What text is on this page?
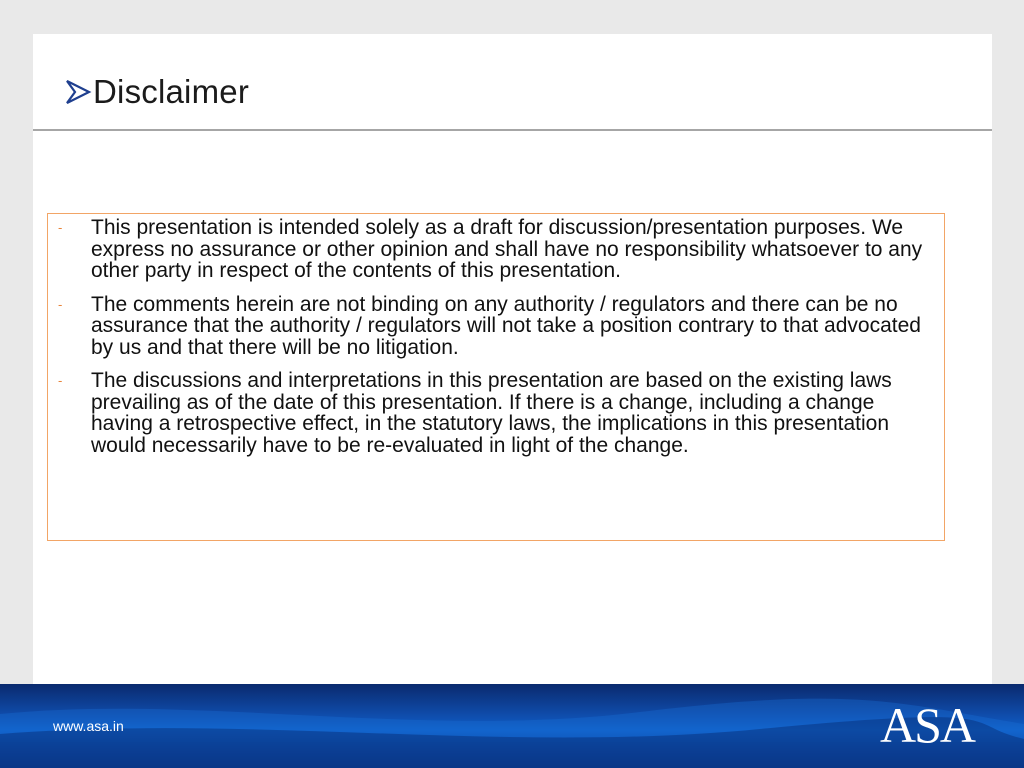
Disclaimer
- This presentation is intended solely as a draft for discussion/presentation purposes. We express no assurance or other opinion and shall have no responsibility whatsoever to any other party in respect of the contents of this presentation.
- The comments herein are not binding on any authority / regulators and there can be no assurance that the authority / regulators will not take a position contrary to that advocated by us and that there will be no litigation.
- The discussions and interpretations in this presentation are based on the existing laws prevailing as of the date of this presentation. If there is a change, including a change having a retrospective effect, in the statutory laws, the implications in this presentation would necessarily have to be re-evaluated in light of the change.
www.asa.in	ASA
